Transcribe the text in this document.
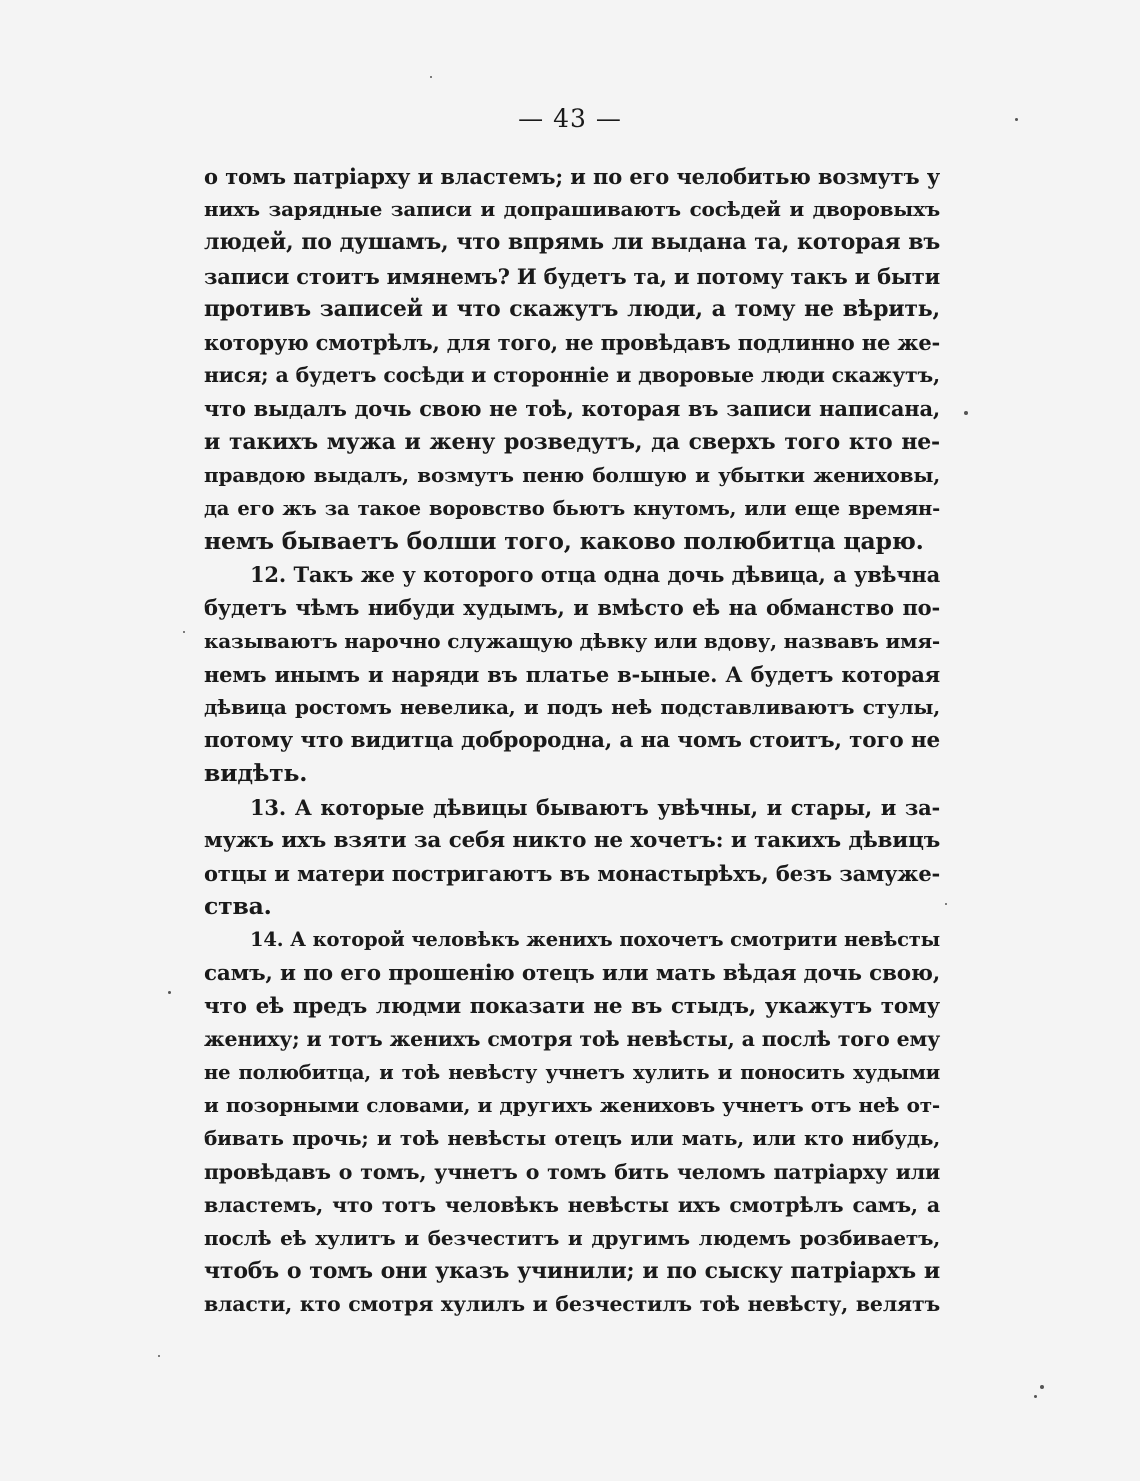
— 43 —
о томъ патріарху и властемъ; и по его челобитью возмутъ у
нихъ зарядные записи и допрашиваютъ сосѣдей и дворовыхъ
людей, по душамъ, что впрямь ли выдана та, которая въ
записи стоитъ имянемъ? И будетъ та, и потому такъ и быти
противъ записей и что скажутъ люди, а тому не вѣрить,
которую смотрѣлъ, для того, не провѣдавъ подлинно не же-
нися; а будетъ сосѣди и сторонніе и дворовые люди скажутъ,
что выдалъ дочь свою не тоѣ, которая въ записи написана,
и такихъ мужа и жену розведутъ, да сверхъ того кто не-
правдою выдалъ, возмутъ пеню болшую и убытки жениховы,
да его жъ за такое воровство бьютъ кнутомъ, или еще времян-
немъ бываетъ болши того, каково полюбитца царю.
12. Такъ же у которого отца одна дочь дѣвица, а увѣчна
будетъ чѣмъ нибуди худымъ, и вмѣсто еѣ на обманство по-
казываютъ нарочно служащую дѣвку или вдову, назвавъ имя-
немъ инымъ и наряди въ платье в-ыные. А будетъ которая
дѣвица ростомъ невелика, и подъ неѣ подставливаютъ стулы,
потому что видитца доброродна, а на чомъ стоитъ, того не
видѣть.
13. А которые дѣвицы бываютъ увѣчны, и стары, и за-
мужъ ихъ взяти за себя никто не хочетъ: и такихъ дѣвицъ
отцы и матери постригаютъ въ монастырѣхъ, безъ замуже-
ства.
14. А которой человѣкъ женихъ похочетъ смотрити невѣсты
самъ, и по его прошенію отецъ или мать вѣдая дочь свою,
что еѣ предъ людми показати не въ стыдъ, укажутъ тому
жениху; и тотъ женихъ смотря тоѣ невѣсты, а послѣ того ему
не полюбитца, и тоѣ невѣсту учнетъ хулить и поносить худыми
и позорными словами, и другихъ жениховъ учнетъ отъ неѣ от-
бивать прочь; и тоѣ невѣсты отецъ или мать, или кто нибудь,
провѣдавъ о томъ, учнетъ о томъ бить челомъ патріарху или
властемъ, что тотъ человѣкъ невѣсты ихъ смотрѣлъ самъ, а
послѣ еѣ хулитъ и безчеститъ и другимъ людемъ розбиваетъ,
чтобъ о томъ они указъ учинили; и по сыску патріархъ и
власти, кто смотря хулилъ и безчестилъ тоѣ невѣсту, велятъ
